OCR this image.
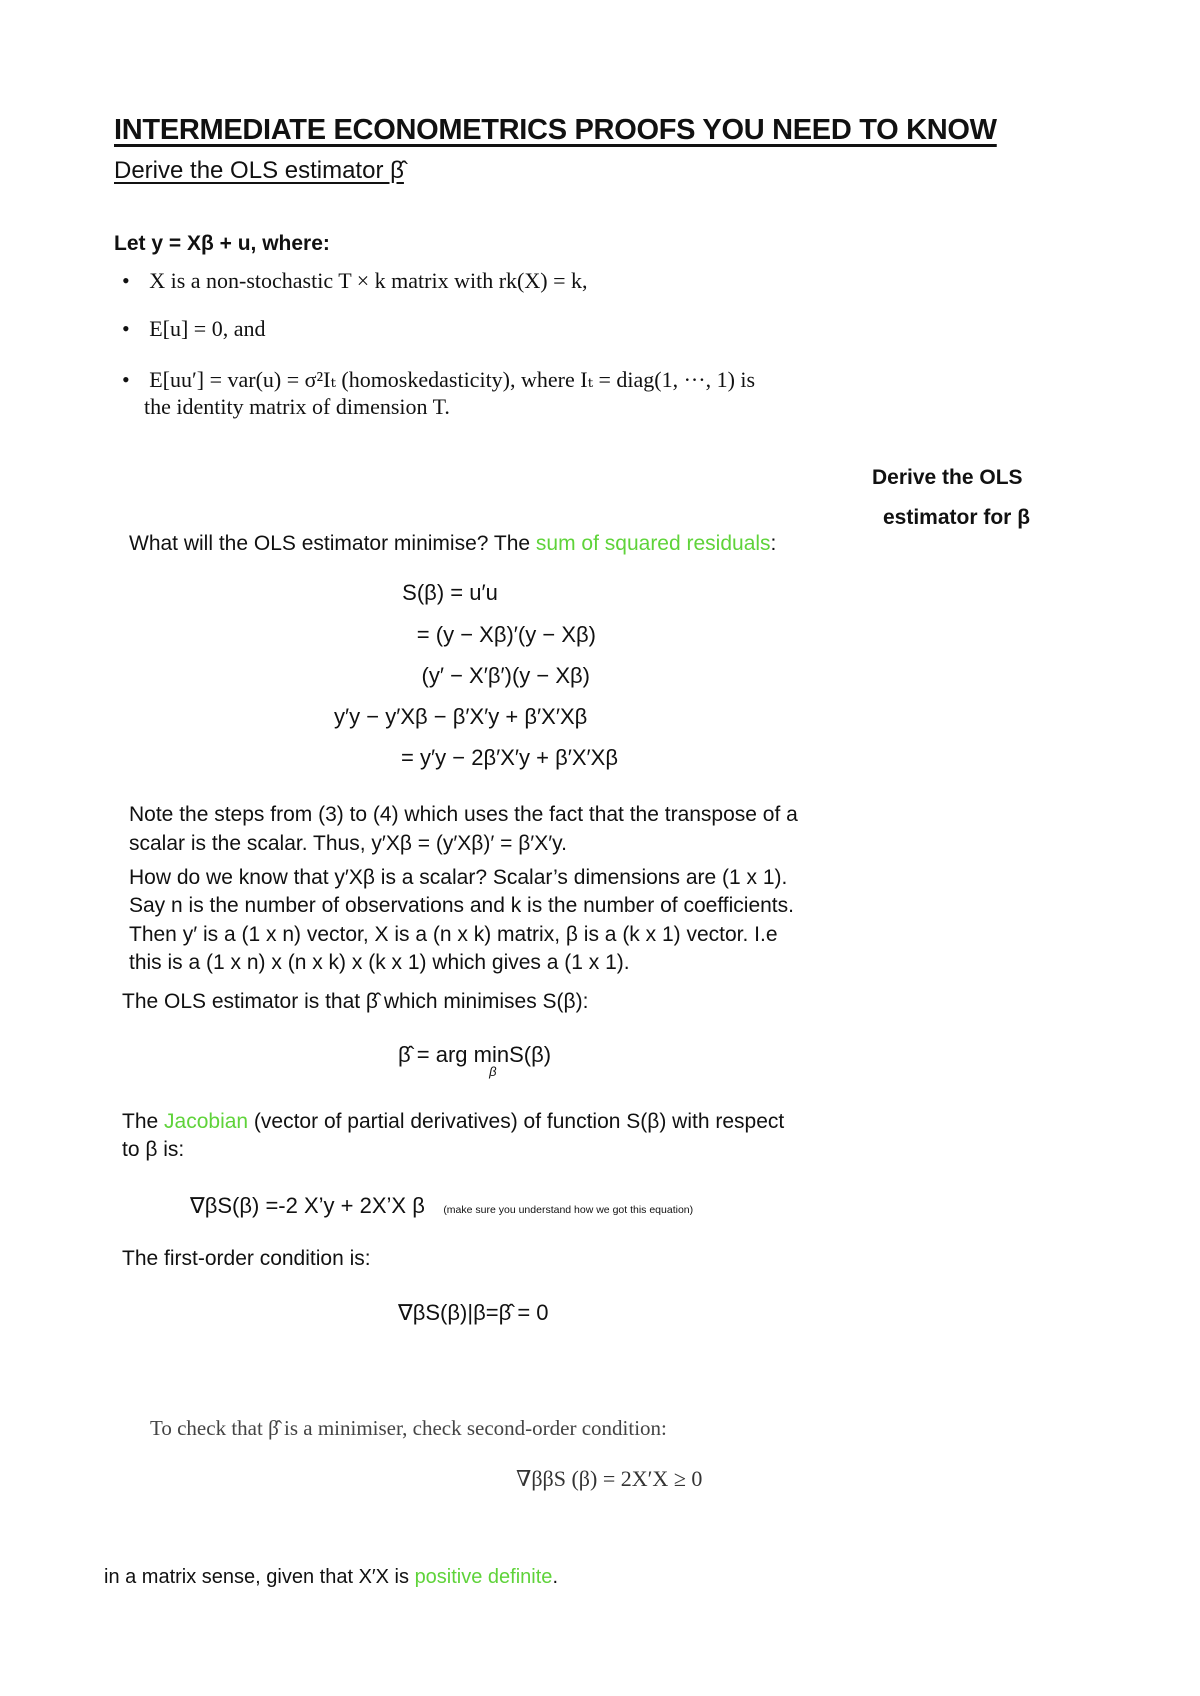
INTERMEDIATE ECONOMETRICS PROOFS YOU NEED TO KNOW
Derive the OLS estimator β̂
Let y = Xβ + u, where:
• X is a non-stochastic T × k matrix with rk(X) = k,
• E[u] = 0, and
• E[uu′] = var(u) = σ²Iₜ (homoskedasticity), where Iₜ = diag(1, ···, 1) is
the identity matrix of dimension T.
Derive the OLS
estimator for β
What will the OLS estimator minimise? The sum of squared residuals:
S(β) = u′u
= (y − Xβ)′(y − Xβ)
(y′ − X′β′)(y − Xβ)
y′y − y′Xβ − β′X′y + β′X′Xβ
= y′y − 2β′X′y + β′X′Xβ
Note the steps from (3) to (4) which uses the fact that the transpose of a
scalar is the scalar. Thus, y′Xβ = (y′Xβ)′ = β′X′y.
How do we know that y′Xβ is a scalar? Scalar’s dimensions are (1 x 1).
Say n is the number of observations and k is the number of coefficients.
Then y′ is a (1 x n) vector, X is a (n x k) matrix, β is a (k x 1) vector. I.e
this is a (1 x n) x (n x k) x (k x 1) which gives a (1 x 1).
The OLS estimator is that β̂ which minimises S(β):
β̂ = arg min
β
S(β)
The Jacobian (vector of partial derivatives) of function S(β) with respect
to β is:
∇βS(β) =-2 X’y + 2X’X β (make sure you understand how we got this equation)
The first-order condition is:
∇βS(β)|β=β̂ = 0
To check that β̂ is a minimiser, check second-order condition:
∇ββS (β) = 2X′X ≥ 0
in a matrix sense, given that X′X is positive definite.
